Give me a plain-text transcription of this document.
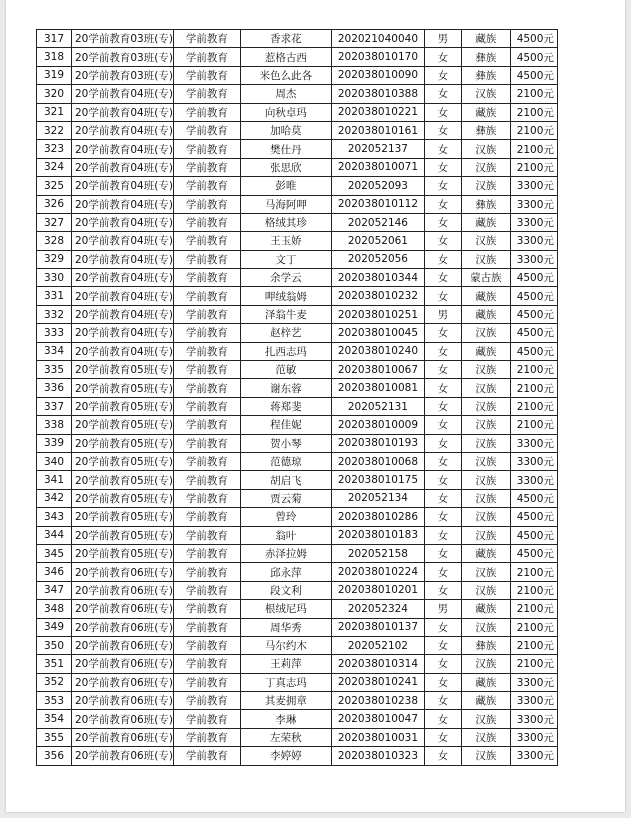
317	20学前教育03班(专)	学前教育	香求花	202021040040	男	藏族	4500元
318	20学前教育03班(专)	学前教育	惹格古西	202038010170	女	彝族	4500元
319	20学前教育03班(专)	学前教育	米色么此各	202038010090	女	彝族	4500元
320	20学前教育04班(专)	学前教育	周杰	202038010388	女	汉族	2100元
321	20学前教育04班(专)	学前教育	向秋卓玛	202038010221	女	藏族	2100元
322	20学前教育04班(专)	学前教育	加哈莫	202038010161	女	彝族	2100元
323	20学前教育04班(专)	学前教育	樊仕丹	202052137	女	汉族	2100元
324	20学前教育04班(专)	学前教育	张思欣	202038010071	女	汉族	2100元
325	20学前教育04班(专)	学前教育	彭唯	202052093	女	汉族	3300元
326	20学前教育04班(专)	学前教育	马海阿呷	202038010112	女	彝族	3300元
327	20学前教育04班(专)	学前教育	格绒其珍	202052146	女	藏族	3300元
328	20学前教育04班(专)	学前教育	王玉娇	202052061	女	汉族	3300元
329	20学前教育04班(专)	学前教育	文丁	202052056	女	汉族	3300元
330	20学前教育04班(专)	学前教育	余学云	202038010344	女	蒙古族	4500元
331	20学前教育04班(专)	学前教育	呷绒翁姆	202038010232	女	藏族	4500元
332	20学前教育04班(专)	学前教育	泽翁牛麦	202038010251	男	藏族	4500元
333	20学前教育04班(专)	学前教育	赵梓艺	202038010045	女	汉族	4500元
334	20学前教育04班(专)	学前教育	扎西志玛	202038010240	女	藏族	4500元
335	20学前教育05班(专)	学前教育	范敏	202038010067	女	汉族	2100元
336	20学前教育05班(专)	学前教育	谢东蓉	202038010081	女	汉族	2100元
337	20学前教育05班(专)	学前教育	蒋郑斐	202052131	女	汉族	2100元
338	20学前教育05班(专)	学前教育	程佳妮	202038010009	女	汉族	2100元
339	20学前教育05班(专)	学前教育	贺小琴	202038010193	女	汉族	3300元
340	20学前教育05班(专)	学前教育	范德琼	202038010068	女	汉族	3300元
341	20学前教育05班(专)	学前教育	胡启飞	202038010175	女	汉族	3300元
342	20学前教育05班(专)	学前教育	贾云菊	202052134	女	汉族	4500元
343	20学前教育05班(专)	学前教育	曾玲	202038010286	女	汉族	4500元
344	20学前教育05班(专)	学前教育	翁叶	202038010183	女	汉族	4500元
345	20学前教育05班(专)	学前教育	赤泽拉姆	202052158	女	藏族	4500元
346	20学前教育06班(专)	学前教育	邱永萍	202038010224	女	汉族	2100元
347	20学前教育06班(专)	学前教育	段文利	202038010201	女	汉族	2100元
348	20学前教育06班(专)	学前教育	根绒尼玛	202052324	男	藏族	2100元
349	20学前教育06班(专)	学前教育	周华秀	202038010137	女	汉族	2100元
350	20学前教育06班(专)	学前教育	马尔约木	202052102	女	彝族	2100元
351	20学前教育06班(专)	学前教育	王莉萍	202038010314	女	汉族	2100元
352	20学前教育06班(专)	学前教育	丁真志玛	202038010241	女	藏族	3300元
353	20学前教育06班(专)	学前教育	其麦拥章	202038010238	女	藏族	3300元
354	20学前教育06班(专)	学前教育	李琳	202038010047	女	汉族	3300元
355	20学前教育06班(专)	学前教育	左荣秋	202038010031	女	汉族	3300元
356	20学前教育06班(专)	学前教育	李婷婷	202038010323	女	汉族	3300元
